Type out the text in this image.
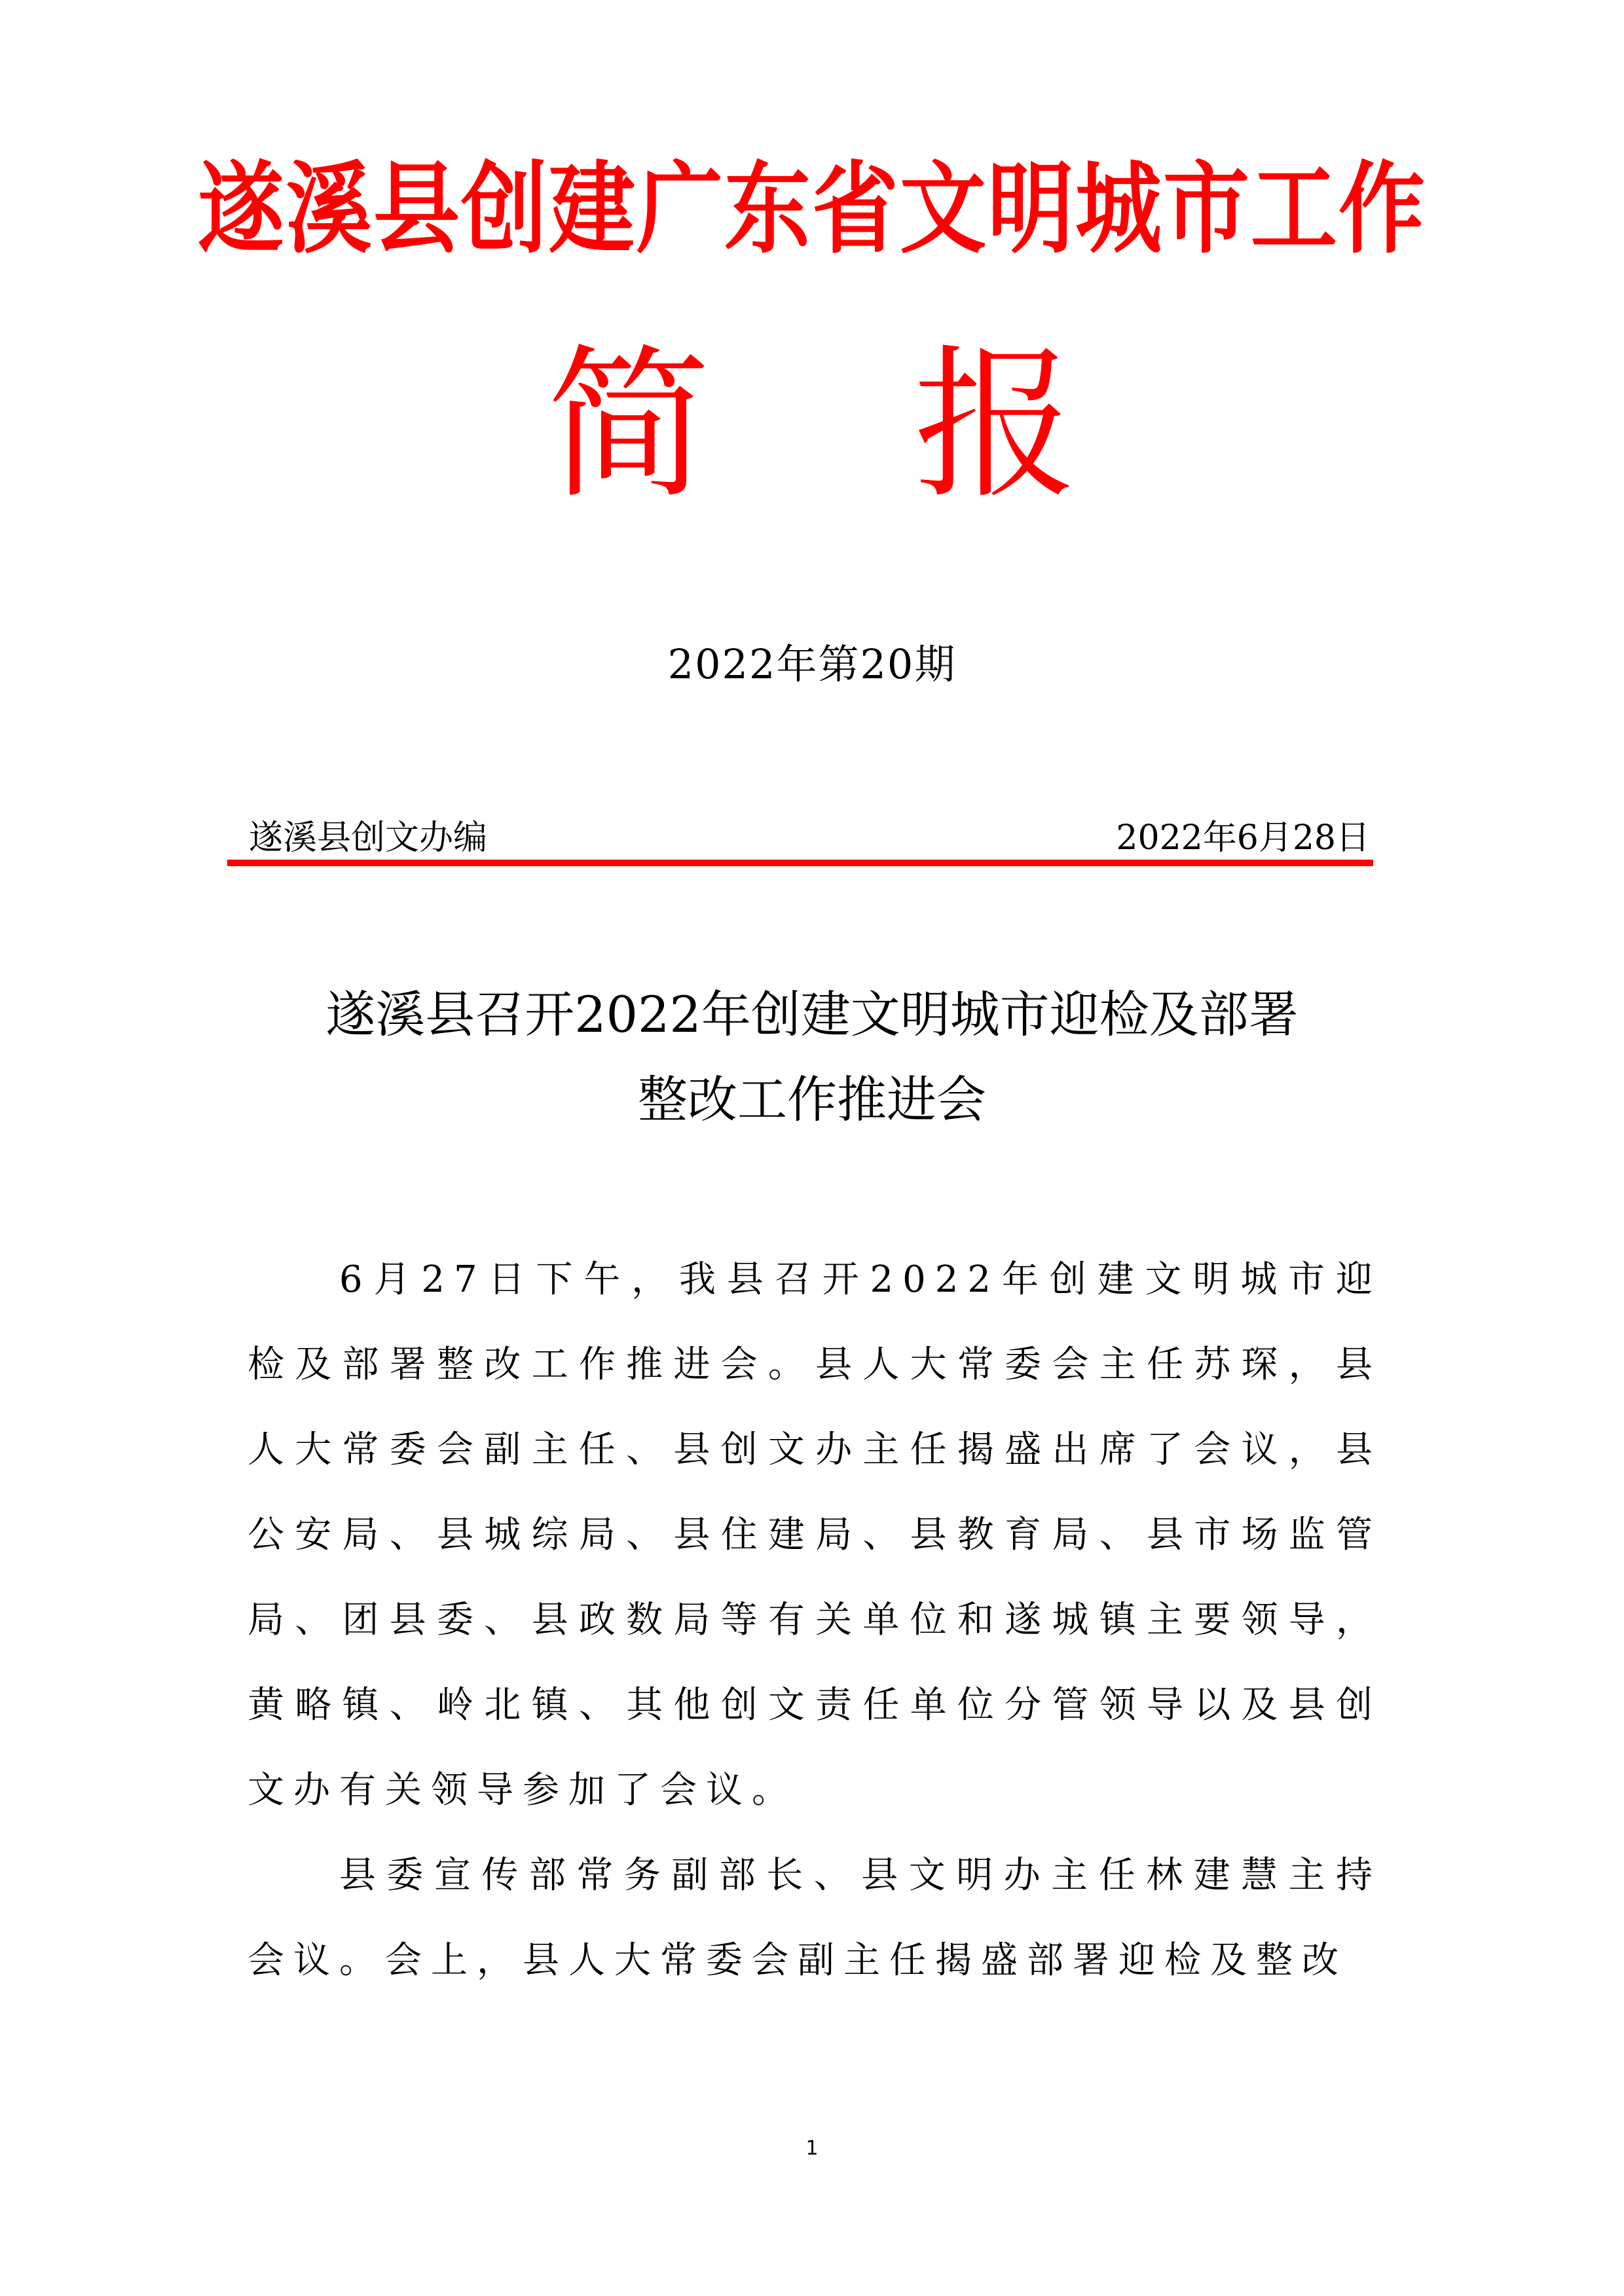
遂溪县创建广东省文明城市工作
简 报
2022年第20期
遂溪县创文办编	2022年6月28日
遂溪县召开2022年创建文明城市迎检及部署
整改工作推进会

6月27日下午，我县召开2022年创建文明城市迎检及部署整改工作推进会。县人大常委会主任苏琛，县人大常委会副主任、县创文办主任揭盛出席了会议，县公安局、县城综局、县住建局、县教育局、县市场监管局、团县委、县政数局等有关单位和遂城镇主要领导，黄略镇、岭北镇、其他创文责任单位分管领导以及县创文办有关领导参加了会议。

县委宣传部常务副部长、县文明办主任林建慧主持会议。会上，县人大常委会副主任揭盛部署迎检及整改

1
